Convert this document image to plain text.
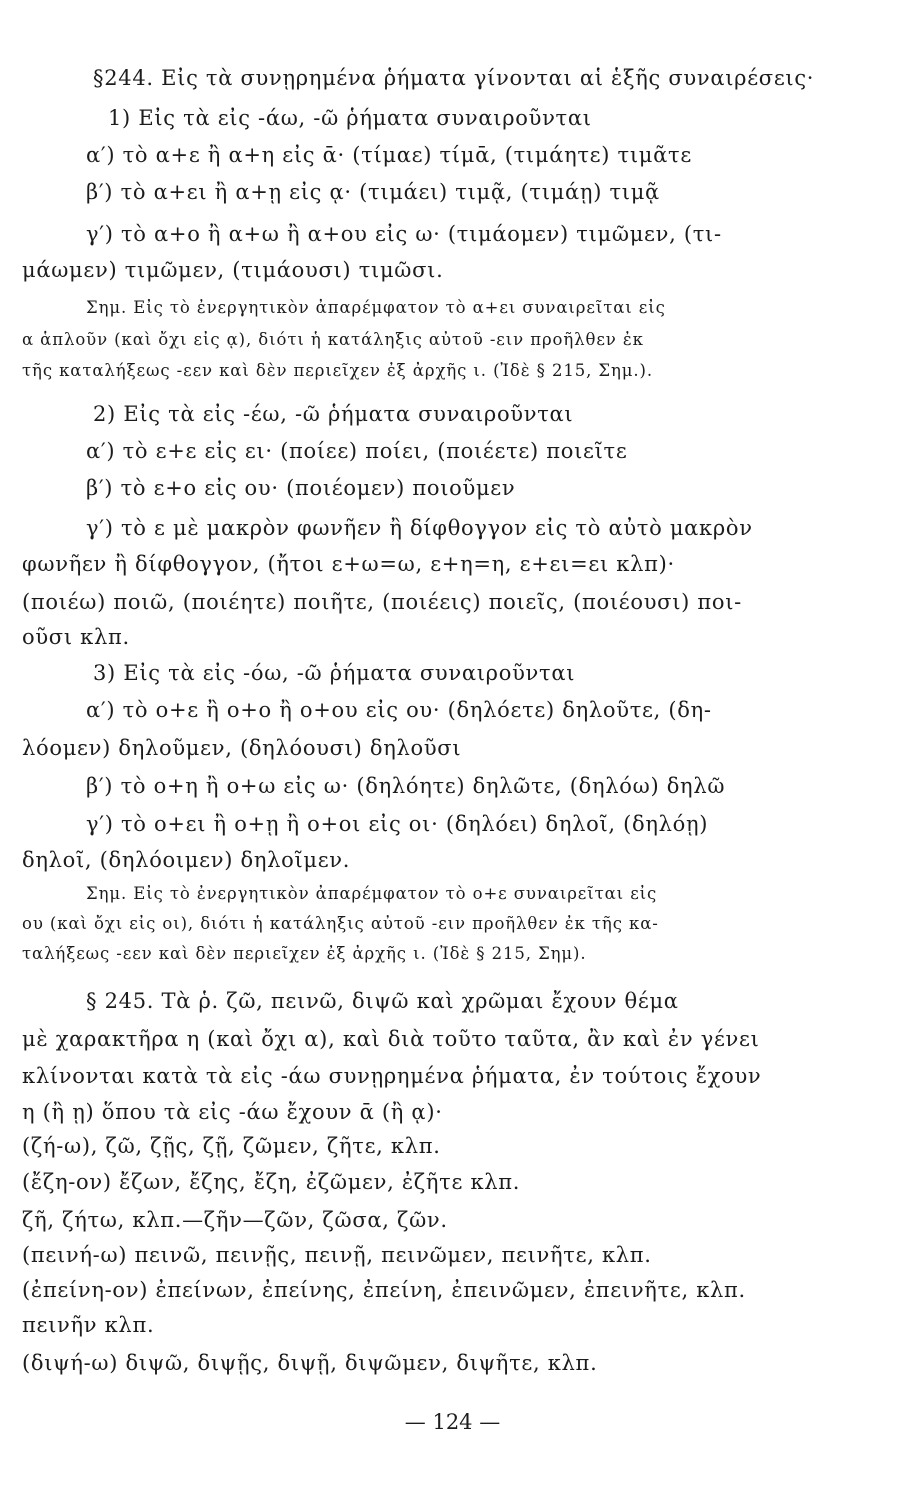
§244. Εἰς τὰ συνῃρημένα ῥήματα γίνονται αἱ ἑξῆς συναιρέσεις·
1) Εἰς τὰ εἰς -άω, -ῶ ῥήματα συναιροῦνται
α′) τὸ α+ε ἢ α+η εἰς ᾱ· (τίμαε) τίμᾱ, (τιμάητε) τιμᾶτε
β′) τὸ α+ει ἢ α+ῃ εἰς ᾳ· (τιμάει) τιμᾷ, (τιμάῃ) τιμᾷ
γ′) τὸ α+ο ἢ α+ω ἢ α+ου εἰς ω· (τιμάομεν) τιμῶμεν, (τι-
μάωμεν) τιμῶμεν, (τιμάουσι) τιμῶσι.
Σημ. Εἰς τὸ ἐνεργητικὸν ἀπαρέμφατον τὸ α+ει συναιρεῖται εἰς
α ἁπλοῦν (καὶ ὄχι εἰς ᾳ), διότι ἡ κατάληξις αὐτοῦ -ειν προῆλθεν ἐκ
τῆς καταλήξεως -εεν καὶ δὲν περιεῖχεν ἐξ ἀρχῆς ι. (Ἰδὲ § 215, Σημ.).
2) Εἰς τὰ εἰς -έω, -ῶ ῥήματα συναιροῦνται
α′) τὸ ε+ε εἰς ει· (ποίεε) ποίει, (ποιέετε) ποιεῖτε
β′) τὸ ε+ο εἰς ου· (ποιέομεν) ποιοῦμεν
γ′) τὸ ε μὲ μακρὸν φωνῆεν ἢ δίφθογγον εἰς τὸ αὐτὸ μακρὸν
φωνῆεν ἢ δίφθογγον, (ἤτοι ε+ω=ω, ε+η=η, ε+ει=ει κλπ)·
(ποιέω) ποιῶ, (ποιέητε) ποιῆτε, (ποιέεις) ποιεῖς, (ποιέουσι) ποι-
οῦσι κλπ.
3) Εἰς τὰ εἰς -όω, -ῶ ῥήματα συναιροῦνται
α′) τὸ ο+ε ἢ ο+ο ἢ ο+ου εἰς ου· (δηλόετε) δηλοῦτε, (δη-
λόομεν) δηλοῦμεν, (δηλόουσι) δηλοῦσι
β′) τὸ ο+η ἢ ο+ω εἰς ω· (δηλόητε) δηλῶτε, (δηλόω) δηλῶ
γ′) τὸ ο+ει ἢ ο+ῃ ἢ ο+οι εἰς οι· (δηλόει) δηλοῖ, (δηλόῃ)
δηλοῖ, (δηλόοιμεν) δηλοῖμεν.
Σημ. Εἰς τὸ ἐνεργητικὸν ἀπαρέμφατον τὸ ο+ε συναιρεῖται εἰς
ου (καὶ ὄχι εἰς οι), διότι ἡ κατάληξις αὐτοῦ -ειν προῆλθεν ἐκ τῆς κα-
ταλήξεως -εεν καὶ δὲν περιεῖχεν ἐξ ἀρχῆς ι. (Ἰδὲ § 215, Σημ).
§ 245. Τὰ ῥ. ζῶ, πεινῶ, διψῶ καὶ χρῶμαι ἔχουν θέμα
μὲ χαρακτῆρα η (καὶ ὄχι α), καὶ διὰ τοῦτο ταῦτα, ἂν καὶ ἐν γένει
κλίνονται κατὰ τὰ εἰς -άω συνῃρημένα ῥήματα, ἐν τούτοις ἔχουν
η (ἢ ῃ) ὅπου τὰ εἰς -άω ἔχουν ᾱ (ἢ ᾳ)·
(ζή-ω), ζῶ, ζῇς, ζῇ, ζῶμεν, ζῆτε, κλπ.
(ἔζη-ον) ἔζων, ἔζης, ἔζη, ἐζῶμεν, ἐζῆτε κλπ.
ζῆ, ζήτω, κλπ.—ζῆν—ζῶν, ζῶσα, ζῶν.
(πεινή-ω) πεινῶ, πεινῇς, πεινῇ, πεινῶμεν, πεινῆτε, κλπ.
(ἐπείνη-ον) ἐπείνων, ἐπείνης, ἐπείνη, ἐπεινῶμεν, ἐπεινῆτε, κλπ.
πεινῆν κλπ.
(διψή-ω) διψῶ, διψῇς, διψῇ, διψῶμεν, διψῆτε, κλπ.
— 124 —
